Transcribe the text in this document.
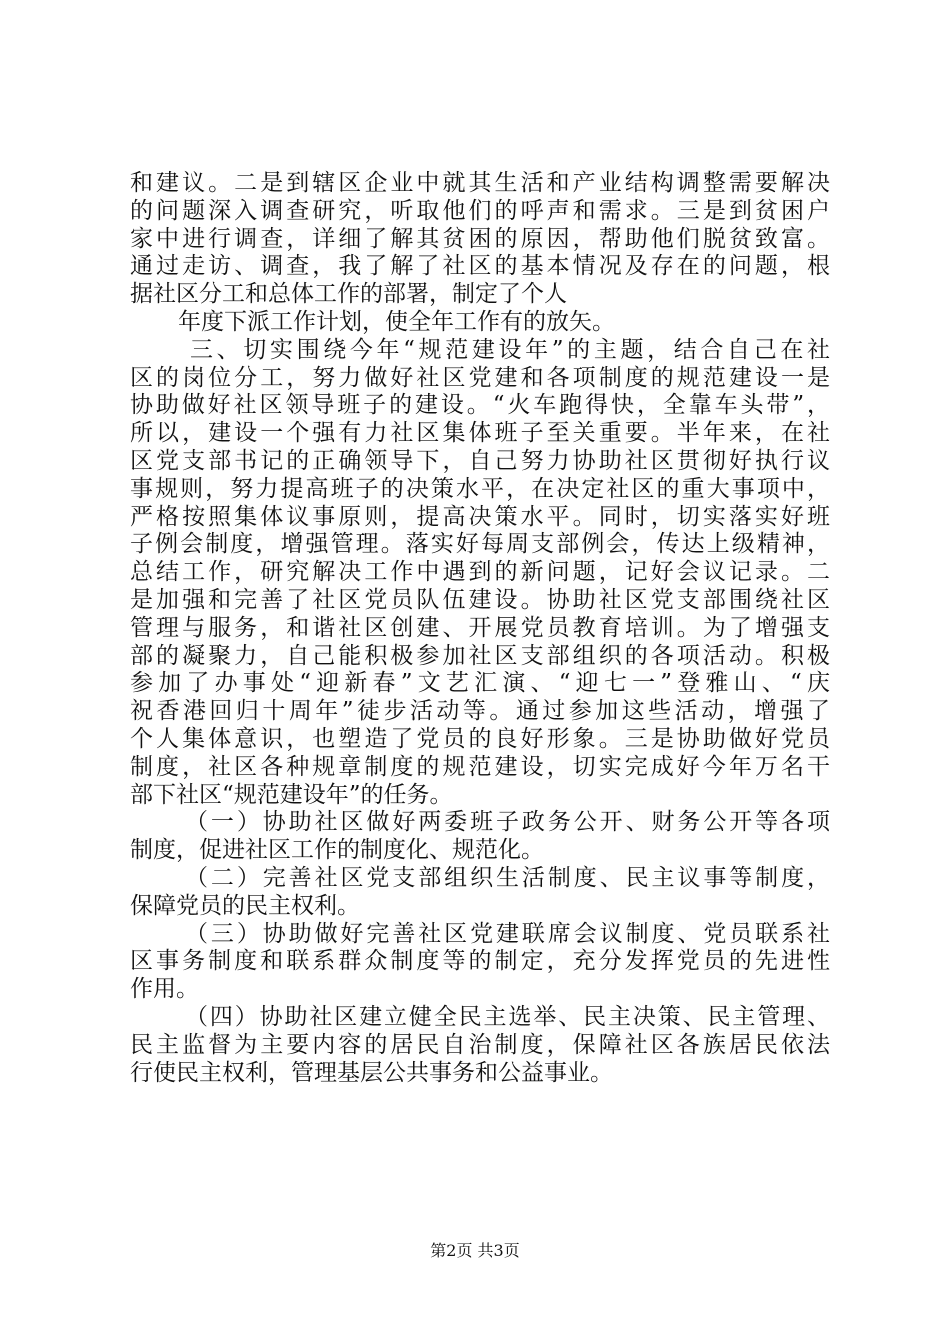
和建议。二是到辖区企业中就其生活和产业结构调整需要解决
的问题深入调查研究，听取他们的呼声和需求。三是到贫困户
家中进行调查，详细了解其贫困的原因，帮助他们脱贫致富。
通过走访、调查，我了解了社区的基本情况及存在的问题，根
据社区分工和总体工作的部署，制定了个人
年度下派工作计划，使全年工作有的放矢。
三、切实围绕今年“规范建设年”的主题，结合自己在社
区的岗位分工，努力做好社区党建和各项制度的规范建设一是
协助做好社区领导班子的建设。“火车跑得快，全靠车头带”，
所以，建设一个强有力社区集体班子至关重要。半年来，在社
区党支部书记的正确领导下，自己努力协助社区贯彻好执行议
事规则，努力提高班子的决策水平，在决定社区的重大事项中，
严格按照集体议事原则，提高决策水平。同时，切实落实好班
子例会制度，增强管理。落实好每周支部例会，传达上级精神，
总结工作，研究解决工作中遇到的新问题，记好会议记录。二
是加强和完善了社区党员队伍建设。协助社区党支部围绕社区
管理与服务，和谐社区创建、开展党员教育培训。为了增强支
部的凝聚力，自己能积极参加社区支部组织的各项活动。积极
参加了办事处“迎新春”文艺汇演、“迎七一”登雅山、“庆
祝香港回归十周年”徒步活动等。通过参加这些活动，增强了
个人集体意识，也塑造了党员的良好形象。三是协助做好党员
制度，社区各种规章制度的规范建设，切实完成好今年万名干
部下社区“规范建设年”的任务。
（一）协助社区做好两委班子政务公开、财务公开等各项
制度，促进社区工作的制度化、规范化。
（二）完善社区党支部组织生活制度、民主议事等制度，
保障党员的民主权利。
（三）协助做好完善社区党建联席会议制度、党员联系社
区事务制度和联系群众制度等的制定，充分发挥党员的先进性
作用。
（四）协助社区建立健全民主选举、民主决策、民主管理、
民主监督为主要内容的居民自治制度，保障社区各族居民依法
行使民主权利，管理基层公共事务和公益事业。
第2页 共3页
